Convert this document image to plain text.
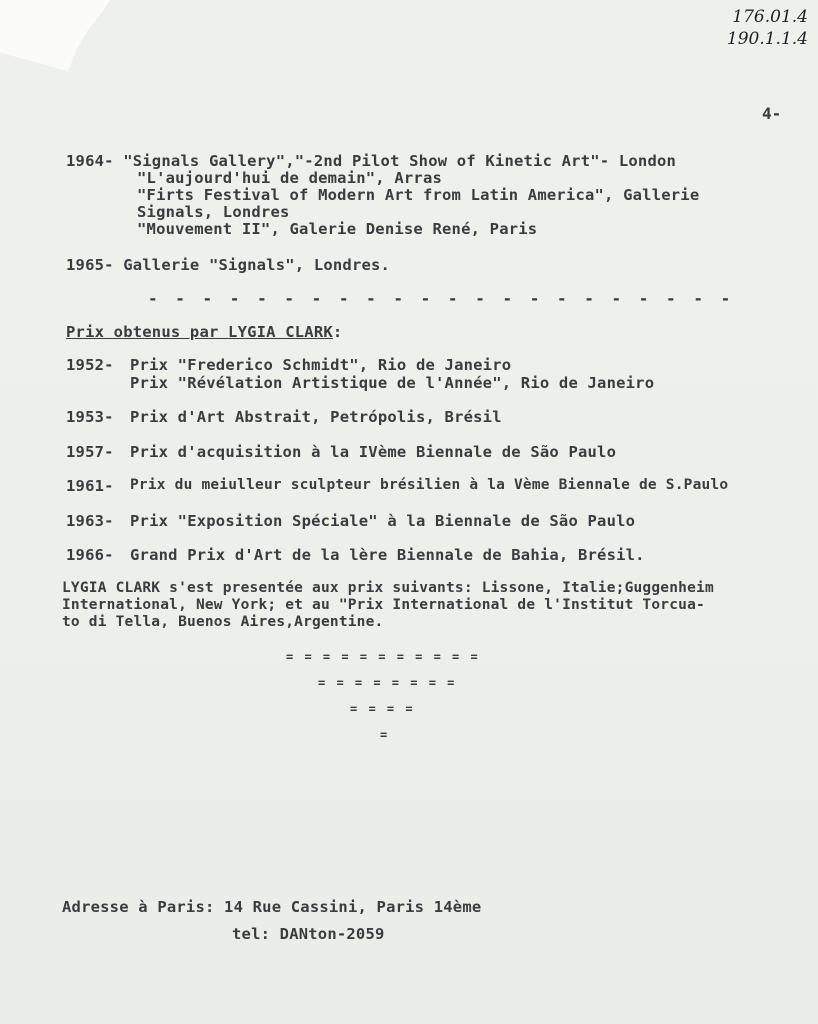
176.01.4
190.1.1.4
4-
1964- "Signals Gallery","-2nd Pilot Show of Kinetic Art"- London
"L'aujourd'hui de demain", Arras
"Firts Festival of Modern Art from Latin America", Gallerie
Signals, Londres
"Mouvement II", Galerie Denise René, Paris
1965- Gallerie "Signals", Londres.
- - - - - - - - - - - - - - - - - - - - - -
Prix obtenus par LYGIA CLARK:
1952- Prix "Frederico Schmidt", Rio de Janeiro
Prix "Révélation Artistique de l'Année", Rio de Janeiro
1953- Prix d'Art Abstrait, Petrópolis, Brésil
1957- Prix d'acquisition à la IVème Biennale de São Paulo
1961- Prix du meiulleur sculpteur brésilien à la Vème Biennale de S.Paulo
1963- Prix "Exposition Spéciale" à la Biennale de São Paulo
1966- Grand Prix d'Art de la lère Biennale de Bahia, Brésil.
LYGIA CLARK s'est presentée aux prix suivants: Lissone, Italie;Guggenheim
International, New York; et au "Prix International de l'Institut Torcua-
to di Tella, Buenos Aires,Argentine.
= = = = = = = = = = =
= = = = = = = =
= = = =
=
Adresse à Paris: 14 Rue Cassini, Paris 14ème
tel: DANton-2059
